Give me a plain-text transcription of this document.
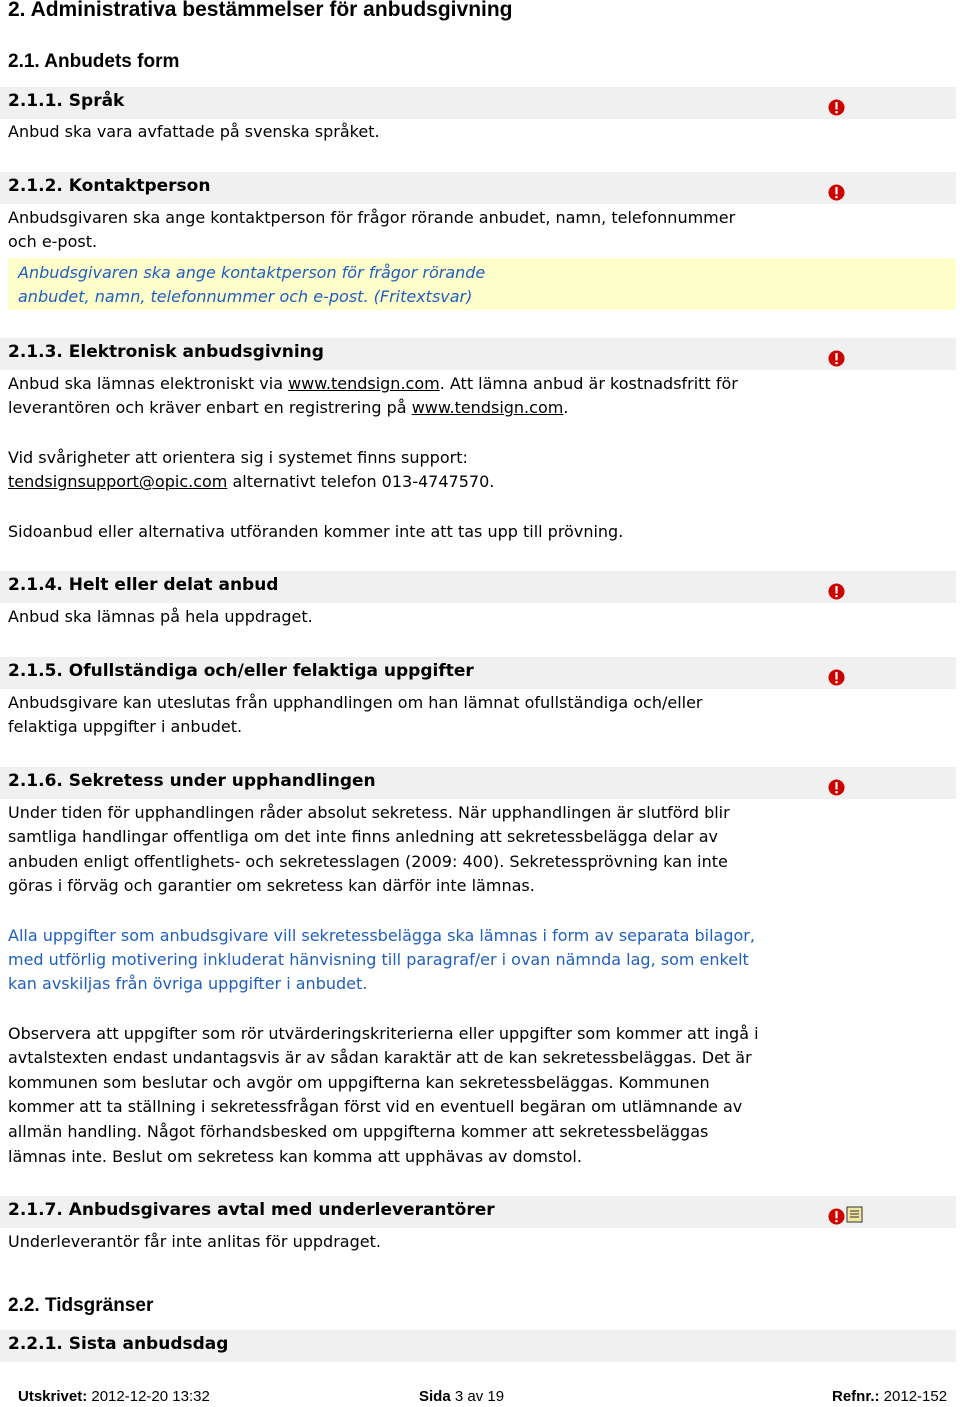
2. Administrativa bestämmelser för anbudsgivning
2.1. Anbudets form
2.1.1. Språk

Anbud ska vara avfattade på svenska språket.

2.1.2. Kontaktperson

Anbudsgivaren ska ange kontaktperson för frågor rörande anbudet, namn, telefonnummer

och e-post.

Anbudsgivaren ska ange kontaktperson för frågor rörande
anbudet, namn, telefonnummer och e-post. (Fritextsvar)
2.1.3. Elektronisk anbudsgivning

Anbud ska lämnas elektroniskt via www.tendsign.com. Att lämna anbud är kostnadsfritt för

leverantören och kräver enbart en registrering på www.tendsign.com.

Vid svårigheter att orientera sig i systemet finns support:

tendsignsupport@opic.com alternativt telefon 013-4747570.

Sidoanbud eller alternativa utföranden kommer inte att tas upp till prövning.

2.1.4. Helt eller delat anbud

Anbud ska lämnas på hela uppdraget.

2.1.5. Ofullständiga och/eller felaktiga uppgifter

Anbudsgivare kan uteslutas från upphandlingen om han lämnat ofullständiga och/eller

felaktiga uppgifter i anbudet.

2.1.6. Sekretess under upphandlingen

Under tiden för upphandlingen råder absolut sekretess. När upphandlingen är slutförd blir

samtliga handlingar offentliga om det inte finns anledning att sekretessbelägga delar av

anbuden enligt offentlighets- och sekretesslagen (2009: 400). Sekretessprövning kan inte

göras i förväg och garantier om sekretess kan därför inte lämnas.

Alla uppgifter som anbudsgivare vill sekretessbelägga ska lämnas i form av separata bilagor,

med utförlig motivering inkluderat hänvisning till paragraf/er i ovan nämnda lag, som enkelt

kan avskiljas från övriga uppgifter i anbudet.

Observera att uppgifter som rör utvärderingskriterierna eller uppgifter som kommer att ingå i

avtalstexten endast undantagsvis är av sådan karaktär att de kan sekretessbeläggas. Det är

kommunen som beslutar och avgör om uppgifterna kan sekretessbeläggas. Kommunen

kommer att ta ställning i sekretessfrågan först vid en eventuell begäran om utlämnande av

allmän handling. Något förhandsbesked om uppgifterna kommer att sekretessbeläggas

lämnas inte. Beslut om sekretess kan komma att upphävas av domstol.

2.1.7. Anbudsgivares avtal med underleverantörer

Underleverantör får inte anlitas för uppdraget.

2.2. Tidsgränser
2.2.1. Sista anbudsdag
Utskrivet: 2012-12-20 13:32	Sida 3 av 19	Refnr.: 2012-152
